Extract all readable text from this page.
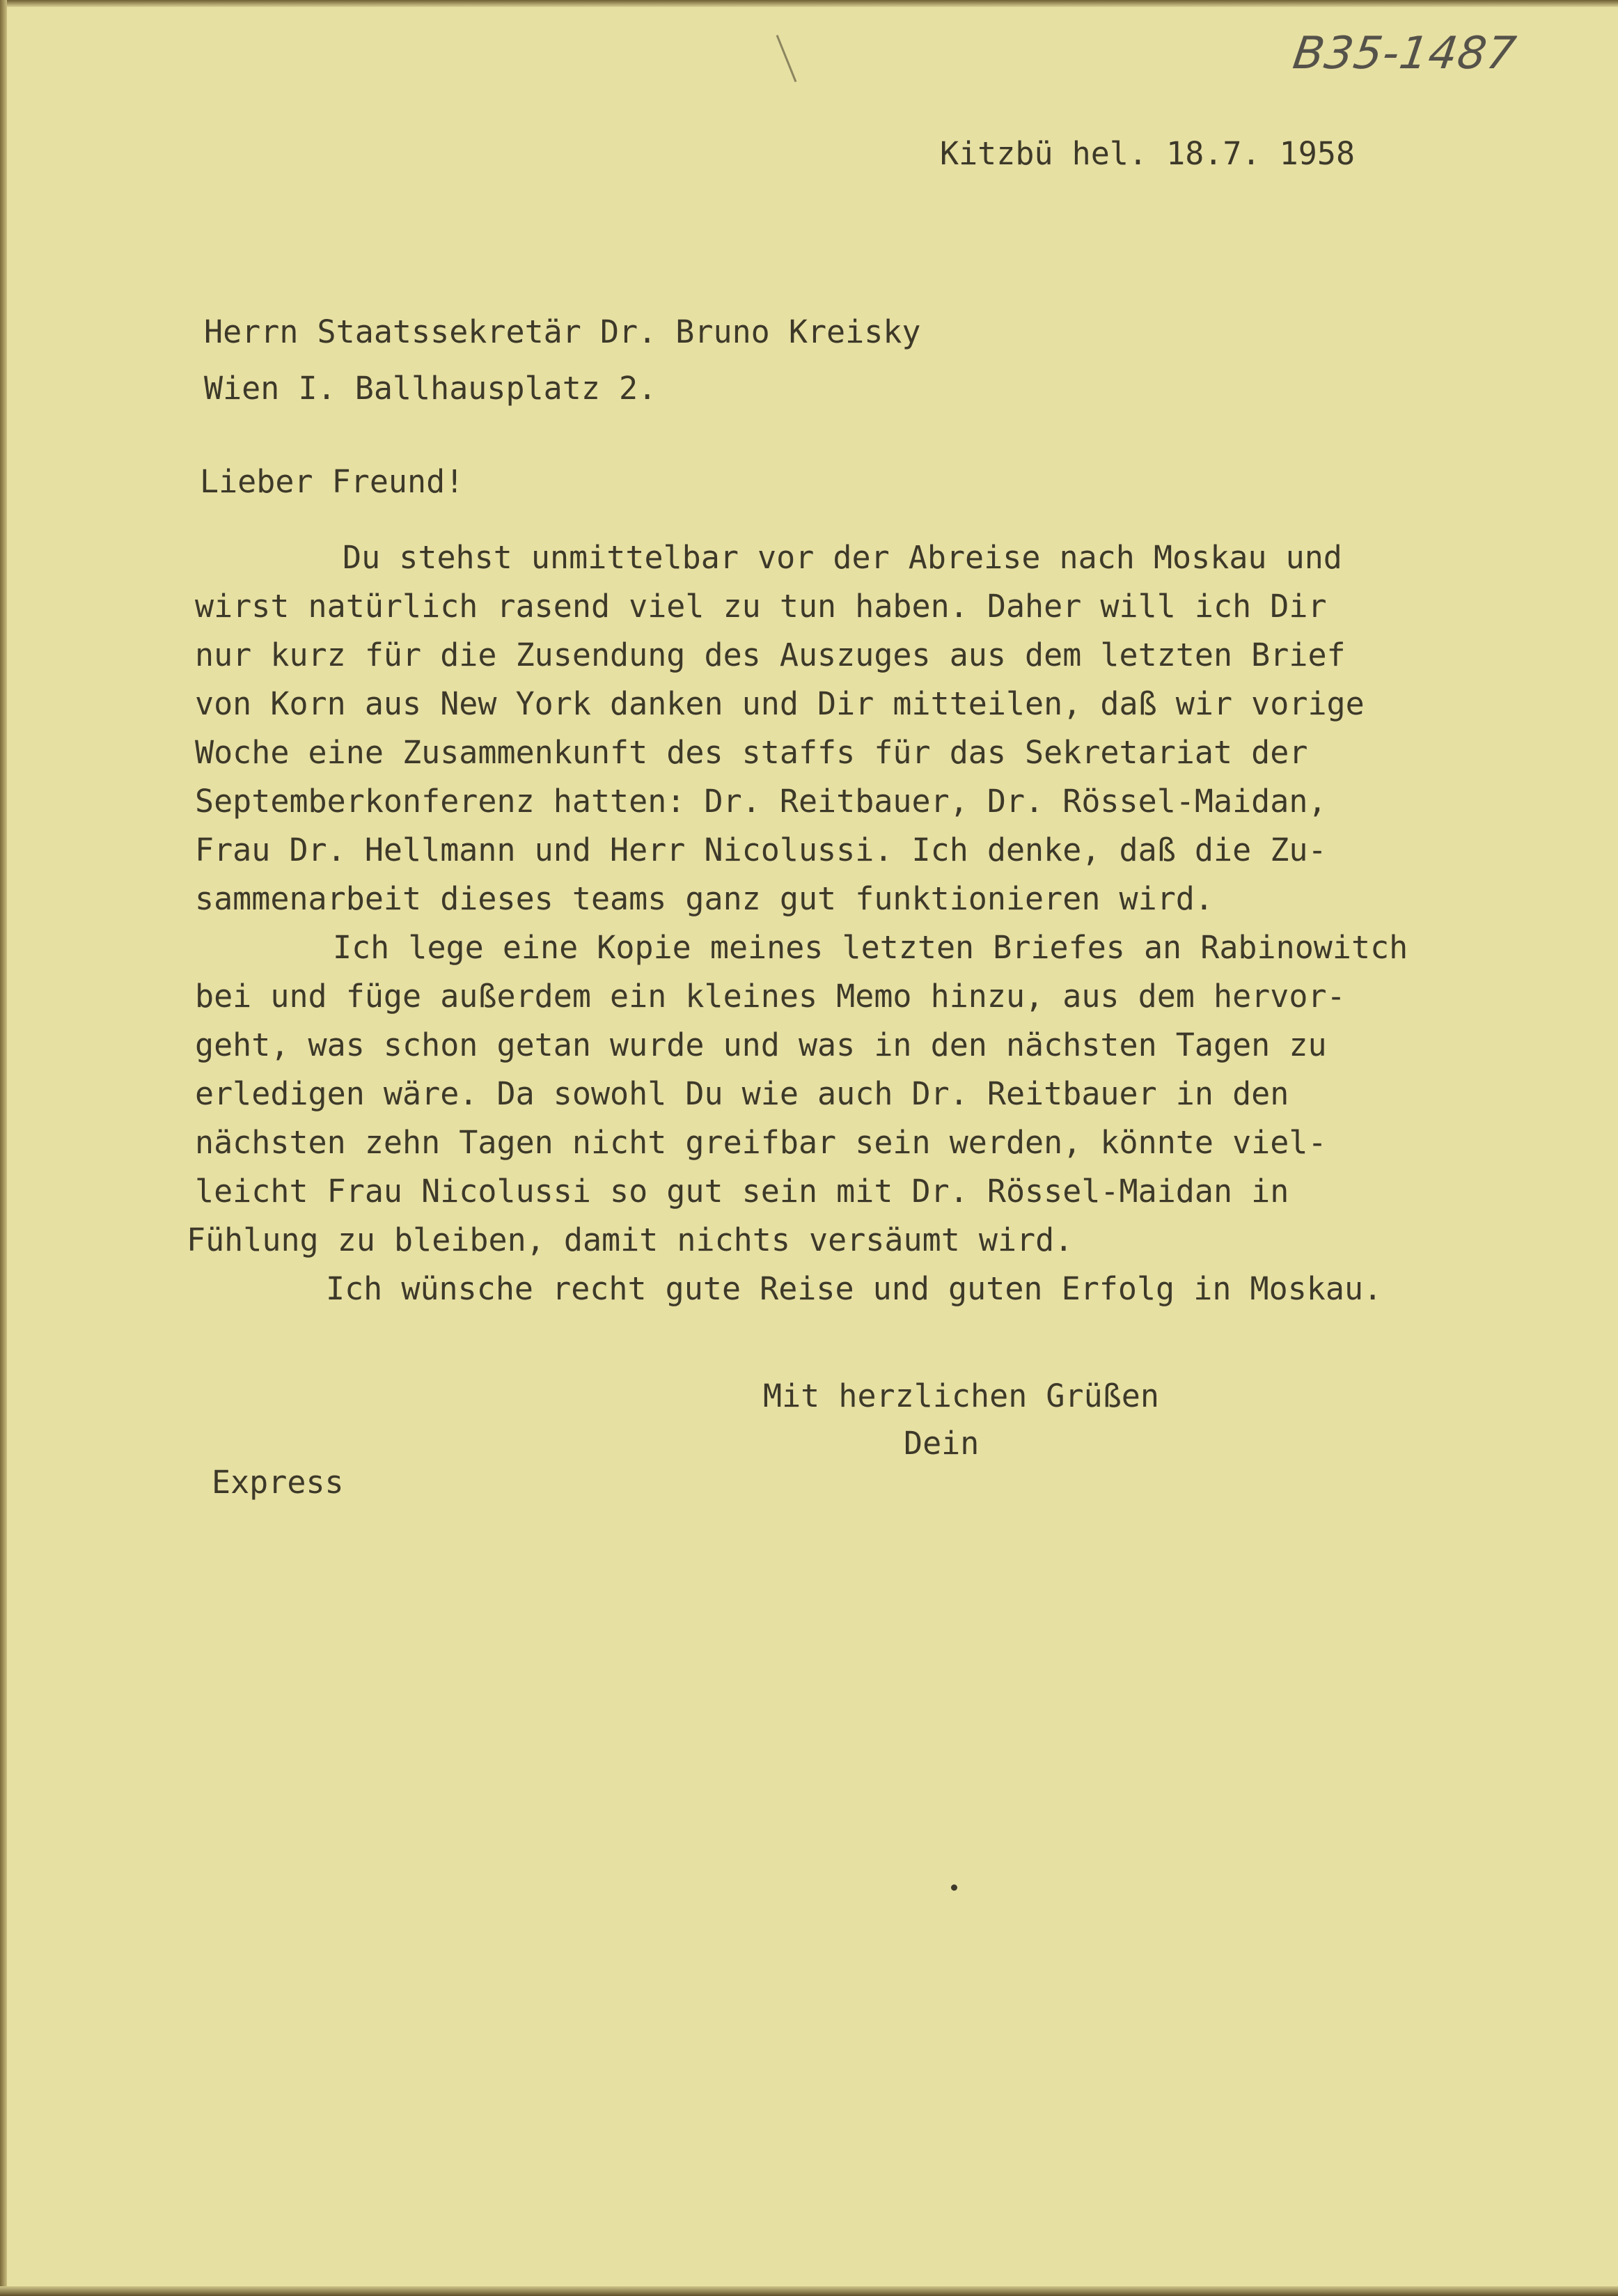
B35-1487
Kitzbü hel. 18.7. 1958
Herrn Staatssekretär Dr. Bruno Kreisky
Wien I. Ballhausplatz 2.
Lieber Freund!
Du stehst unmittelbar vor der Abreise nach Moskau und
wirst natürlich rasend viel zu tun haben. Daher will ich Dir
nur kurz für die Zusendung des Auszuges aus dem letzten Brief
von Korn aus New York danken und Dir mitteilen, daß wir vorige
Woche eine Zusammenkunft des staffs für das Sekretariat der
Septemberkonferenz hatten: Dr. Reitbauer, Dr. Rössel-Maidan,
Frau Dr. Hellmann und Herr Nicolussi. Ich denke, daß die Zu-
sammenarbeit dieses teams ganz gut funktionieren wird.
Ich lege eine Kopie meines letzten Briefes an Rabinowitch
bei und füge außerdem ein kleines Memo hinzu, aus dem hervor-
geht, was schon getan wurde und was in den nächsten Tagen zu
erledigen wäre. Da sowohl Du wie auch Dr. Reitbauer in den
nächsten zehn Tagen nicht greifbar sein werden, könnte viel-
leicht Frau Nicolussi so gut sein mit Dr. Rössel-Maidan in
Fühlung zu bleiben, damit nichts versäumt wird.
Ich wünsche recht gute Reise und guten Erfolg in Moskau.
Mit herzlichen Grüßen
Dein
Express
